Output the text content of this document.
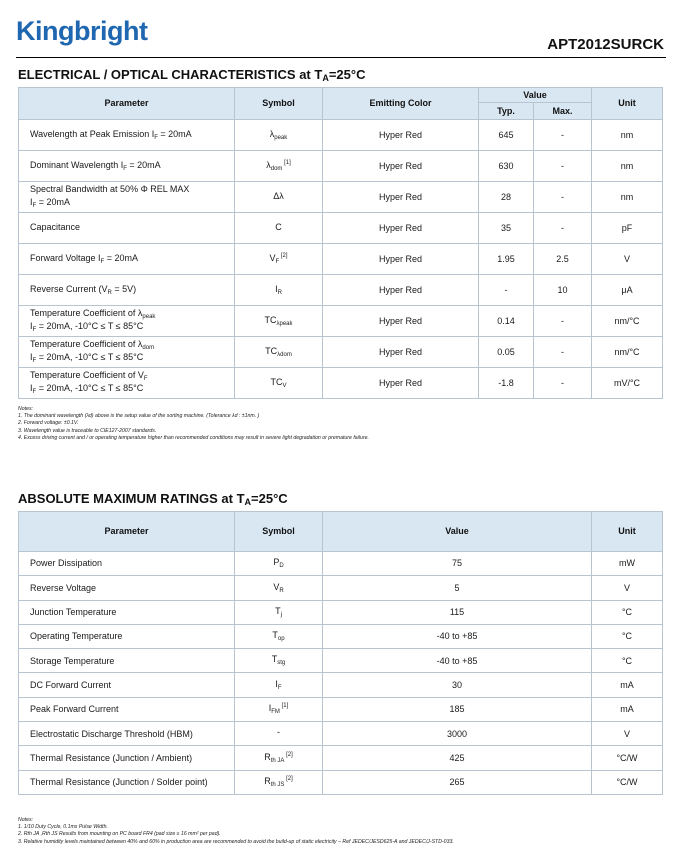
Kingbright	APT2012SURCK
ELECTRICAL / OPTICAL CHARACTERISTICS at $T_A=25^\circ C$
Parameter	Symbol	Emitting Color	Value		Unit
			Typ.	Max.	

Wavelength at Peak Emission $I_F = 20mA$	$\lambda_{peak}$	Hyper Red	645	-	nm

Dominant Wavelength $I_F = 20mA$	$\lambda_{dom}$ [1]	Hyper Red	630	-	nm

Spectral Bandwidth at 50% Φ REL MAX
$I_F = 20mA$	Δλ	Hyper Red	28	-	nm

Capacitance	C	Hyper Red	35	-	pF

Forward Voltage $I_F = 20mA$	$V_F$ [2]	Hyper Red	1.95	2.5	V

Reverse Current $(V_R = 5V)$	$I_R$	Hyper Red	-	10	μA

Temperature Coefficient of $\lambda_{peak}$
$I_F = 20mA$, -10°C ≤ T ≤ 85°C	$TC_{\lambda peak}$	Hyper Red	0.14	-	nm/°C

Temperature Coefficient of $\lambda_{dom}$
$I_F = 20mA$, -10°C ≤ T ≤ 85°C	$TC_{\lambda dom}$	Hyper Red	0.05	-	nm/°C

Temperature Coefficient of $V_F$
$I_F = 20mA$, -10°C ≤ T ≤ 85°C	$TC_V$	Hyper Red	-1.8	-	mV/°C
Notes:
1. The dominant wavelength (λd) above is the setup value of the sorting machine. (Tolerance λd : ±1nm. )
2. Forward voltage: ±0.1V.
3. Wavelength value is traceable to CIE127-2007 standards.
4. Excess driving current and / or operating temperature higher than recommended conditions may result in severe light degradation or premature failure.
ABSOLUTE MAXIMUM RATINGS at $T_A=25^\circ C$
Parameter	Symbol	Value	Unit
Power Dissipation	$P_D$	75	mW
Reverse Voltage	$V_R$	5	V
Junction Temperature	$T_j$	115	°C
Operating Temperature	$T_{op}$	-40 to +85	°C
Storage Temperature	$T_{stg}$	-40 to +85	°C
DC Forward Current	$I_F$	30	mA
Peak Forward Current	$I_{FM}$ [1]	185	mA
Electrostatic Discharge Threshold (HBM)	-	3000	V
Thermal Resistance (Junction / Ambient)	$R_{th JA}$ [2]	425	°C/W
Thermal Resistance (Junction / Solder point)	$R_{th JS}$ [2]	265	°C/W
Notes:
1. 1/10 Duty Cycle, 0.1ms Pulse Width.
2. Rth JA ,Rth JS Results from mounting on PC board FR4 (pad size ≥ 16 mm² per pad).
3. Relative humidity levels maintained between 40% and 60% in production area are recommended to avoid the build-up of static electricity – Ref JEDEC/JESD625-A and JEDEC/J-STD-033.
